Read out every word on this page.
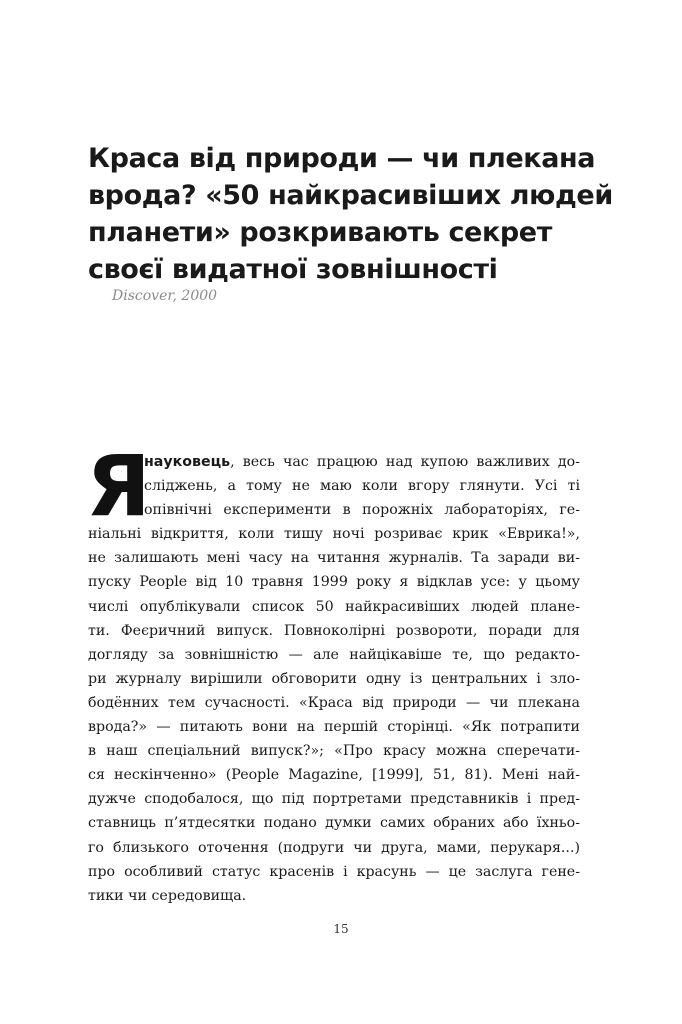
Краса від природи — чи плекана
врода? «50 найкрасивіших людей
планети» розкривають секрет
своєї видатної зовнішності
Discover, 2000
Я
науковець, весь час працюю над купою важливих до-
сліджень, а тому не маю коли вгору глянути. Усі ті
опівнічні експерименти в порожніх лабораторіях, ге-
ніальні відкриття, коли тишу ночі розриває крик «Еврика!»,
не залишають мені часу на читання журналів. Та заради ви-
пуску People від 10 травня 1999 року я відклав усе: у цьому
числі опублікували список 50 найкрасивіших людей плане-
ти. Феєричний випуск. Повноколірні розвороти, поради для
догляду за зовнішністю — але найцікавіше те, що редакто-
ри журналу вирішили обговорити одну із центральних і зло-
бодённих тем сучасності. «Краса від природи — чи плекана
врода?» — питають вони на першій сторінці. «Як потрапити
в наш спеціальний випуск?»; «Про красу можна сперечати-
ся нескінченно» (People Magazine, [1999], 51, 81). Мені най-
дужче сподобалося, що під портретами представників і пред-
ставниць п’ятдесятки подано думки самих обраних або їхньо-
го близького оточення (подруги чи друга, мами, перукаря...)
про особливий статус красенів і красунь — це заслуга гене-
тики чи середовища.
15
